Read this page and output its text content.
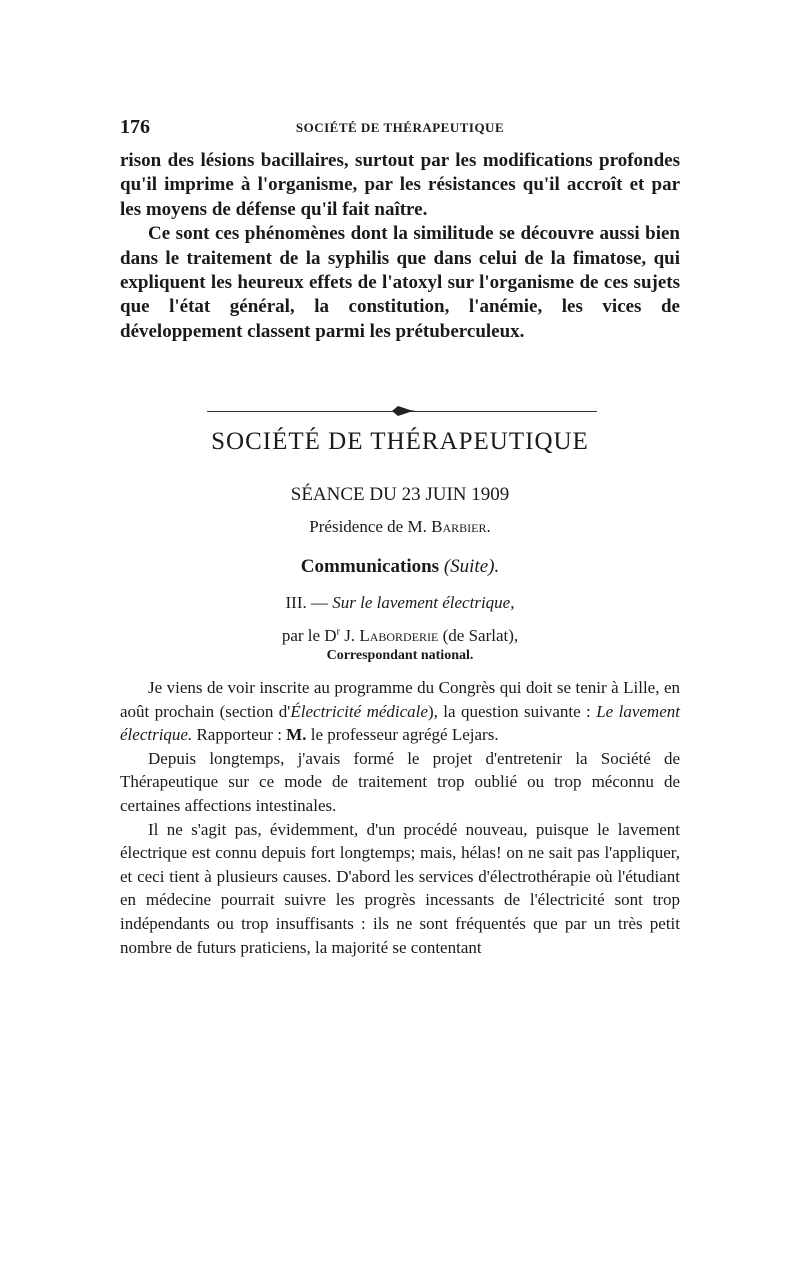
176	SOCIÉTÉ DE THÉRAPEUTIQUE

rison des lésions bacillaires, surtout par les modifications profondes qu'il imprime à l'organisme, par les résistances qu'il accroît et par les moyens de défense qu'il fait naître.

Ce sont ces phénomènes dont la similitude se découvre aussi bien dans le traitement de la syphilis que dans celui de la fimatose, qui expliquent les heureux effets de l'atoxyl sur l'organisme de ces sujets que l'état général, la constitution, l'anémie, les vices de développement classent parmi les prétuberculeux.

SOCIÉTÉ DE THÉRAPEUTIQUE
SÉANCE DU 23 JUIN 1909
Présidence de M. Barbier.
Communications (Suite).
III. — Sur le lavement électrique,
par le $D^r$ J. Laborderie (de Sarlat),
Correspondant national.

Je viens de voir inscrite au programme du Congrès qui doit se tenir à Lille, en août prochain (section d'Électricité médicale), la question suivante : Le lavement électrique. Rapporteur : M. le professeur agrégé Lejars.

Depuis longtemps, j'avais formé le projet d'entretenir la Société de Thérapeutique sur ce mode de traitement trop oublié ou trop méconnu de certaines affections intestinales.

Il ne s'agit pas, évidemment, d'un procédé nouveau, puisque le lavement électrique est connu depuis fort longtemps; mais, hélas! on ne sait pas l'appliquer, et ceci tient à plusieurs causes. D'abord les services d'électrothérapie où l'étudiant en médecine pourrait suivre les progrès incessants de l'électricité sont trop indépendants ou trop insuffisants : ils ne sont fréquentés que par un très petit nombre de futurs praticiens, la majorité se contentant
